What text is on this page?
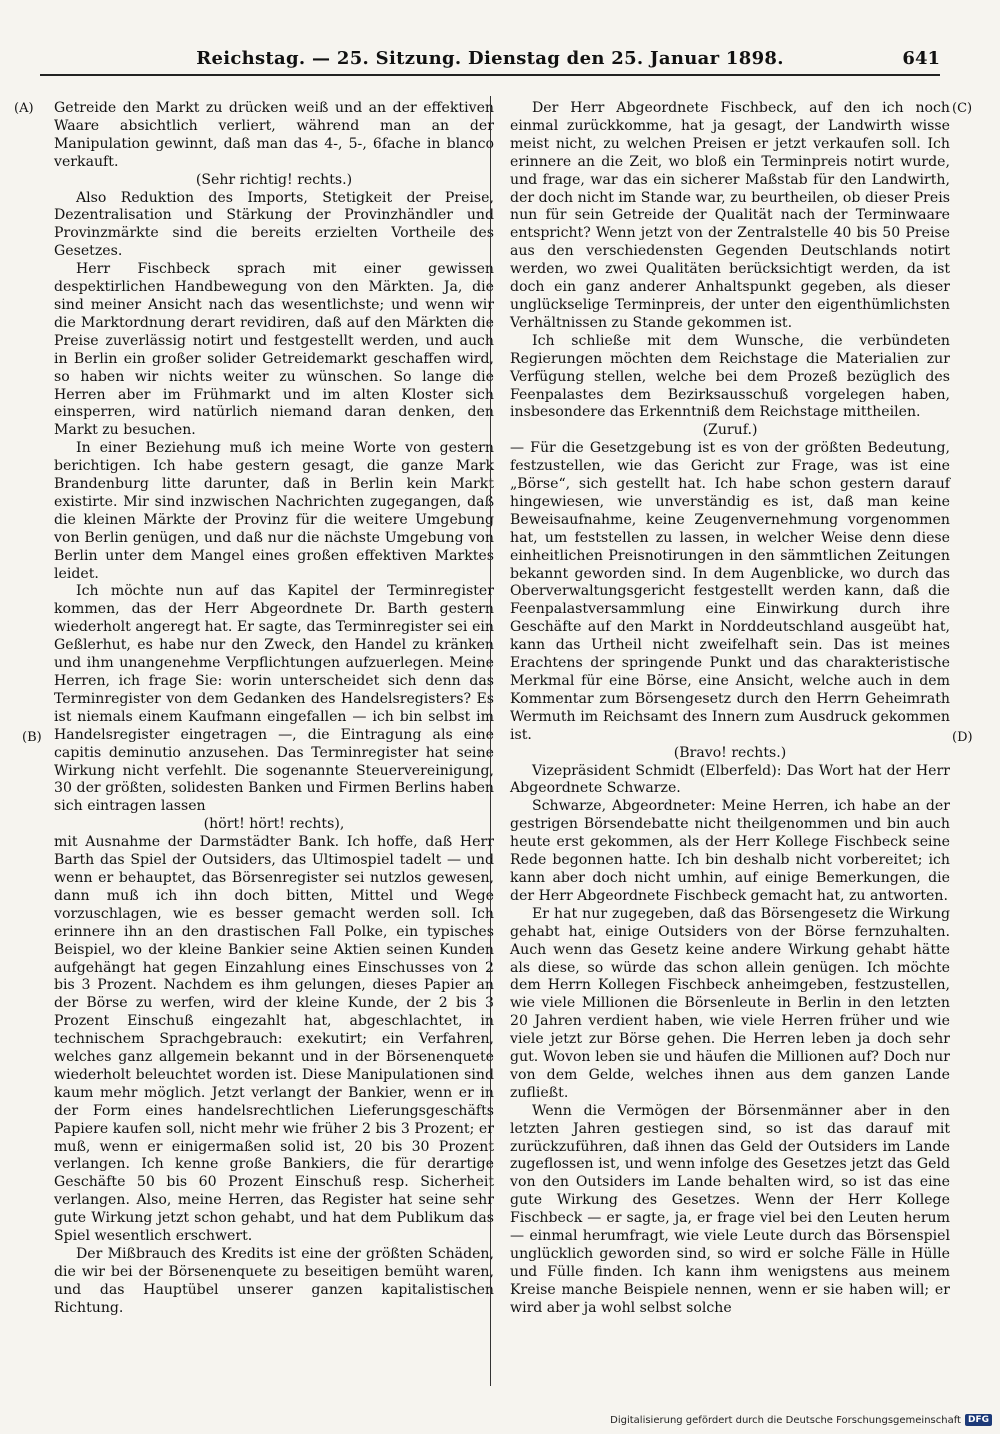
Reichstag. — 25. Sitzung. Dienstag den 25. Januar 1898.	641
(A)
(B)
(C)
(D)

Getreide den Markt zu drücken weiß und an der effektiven Waare absichtlich verliert, während man an der Manipulation gewinnt, daß man das 4-, 5-, 6fache in blanco verkauft.

(Sehr richtig! rechts.)

Also Reduktion des Imports, Stetigkeit der Preise, Dezentralisation und Stärkung der Provinzhändler und Provinzmärkte sind die bereits erzielten Vortheile des Gesetzes.

Herr Fischbeck sprach mit einer gewissen despektirlichen Handbewegung von den Märkten. Ja, die sind meiner Ansicht nach das wesentlichste; und wenn wir die Marktordnung derart revidiren, daß auf den Märkten die Preise zuverlässig notirt und festgestellt werden, und auch in Berlin ein großer solider Getreidemarkt geschaffen wird, so haben wir nichts weiter zu wünschen. So lange die Herren aber im Frühmarkt und im alten Kloster sich einsperren, wird natürlich niemand daran denken, den Markt zu besuchen.

In einer Beziehung muß ich meine Worte von gestern berichtigen. Ich habe gestern gesagt, die ganze Mark Brandenburg litte darunter, daß in Berlin kein Markt existirte. Mir sind inzwischen Nachrichten zugegangen, daß die kleinen Märkte der Provinz für die weitere Umgebung von Berlin genügen, und daß nur die nächste Umgebung von Berlin unter dem Mangel eines großen effektiven Marktes leidet.

Ich möchte nun auf das Kapitel der Terminregister kommen, das der Herr Abgeordnete Dr. Barth gestern wiederholt angeregt hat. Er sagte, das Terminregister sei ein Geßlerhut, es habe nur den Zweck, den Handel zu kränken und ihm unangenehme Verpflichtungen aufzuerlegen. Meine Herren, ich frage Sie: worin unterscheidet sich denn das Terminregister von dem Gedanken des Handelsregisters? Es ist niemals einem Kaufmann eingefallen — ich bin selbst im Handelsregister eingetragen —, die Eintragung als eine capitis deminutio anzusehen. Das Terminregister hat seine Wirkung nicht verfehlt. Die sogenannte Steuervereinigung, 30 der größten, solidesten Banken und Firmen Berlins haben sich eintragen lassen

(hört! hört! rechts),

mit Ausnahme der Darmstädter Bank. Ich hoffe, daß Herr Barth das Spiel der Outsiders, das Ultimospiel tadelt — und wenn er behauptet, das Börsenregister sei nutzlos gewesen, dann muß ich ihn doch bitten, Mittel und Wege vorzuschlagen, wie es besser gemacht werden soll. Ich erinnere ihn an den drastischen Fall Polke, ein typisches Beispiel, wo der kleine Bankier seine Aktien seinen Kunden aufgehängt hat gegen Einzahlung eines Einschusses von 2 bis 3 Prozent. Nachdem es ihm gelungen, dieses Papier an der Börse zu werfen, wird der kleine Kunde, der 2 bis 3 Prozent Einschuß eingezahlt hat, abgeschlachtet, in technischem Sprachgebrauch: exekutirt; ein Verfahren, welches ganz allgemein bekannt und in der Börsenenquete wiederholt beleuchtet worden ist. Diese Manipulationen sind kaum mehr möglich. Jetzt verlangt der Bankier, wenn er in der Form eines handelsrechtlichen Lieferungsgeschäfts Papiere kaufen soll, nicht mehr wie früher 2 bis 3 Prozent; er muß, wenn er einigermaßen solid ist, 20 bis 30 Prozent verlangen. Ich kenne große Bankiers, die für derartige Geschäfte 50 bis 60 Prozent Einschuß resp. Sicherheit verlangen. Also, meine Herren, das Register hat seine sehr gute Wirkung jetzt schon gehabt, und hat dem Publikum das Spiel wesentlich erschwert.

Der Mißbrauch des Kredits ist eine der größten Schäden, die wir bei der Börsenenquete zu beseitigen bemüht waren, und das Hauptübel unserer ganzen kapitalistischen Richtung.

Der Herr Abgeordnete Fischbeck, auf den ich noch einmal zurückkomme, hat ja gesagt, der Landwirth wisse meist nicht, zu welchen Preisen er jetzt verkaufen soll. Ich erinnere an die Zeit, wo bloß ein Terminpreis notirt wurde, und frage, war das ein sicherer Maßstab für den Landwirth, der doch nicht im Stande war, zu beurtheilen, ob dieser Preis nun für sein Getreide der Qualität nach der Terminwaare entspricht? Wenn jetzt von der Zentralstelle 40 bis 50 Preise aus den verschiedensten Gegenden Deutschlands notirt werden, wo zwei Qualitäten berücksichtigt werden, da ist doch ein ganz anderer Anhaltspunkt gegeben, als dieser unglückselige Terminpreis, der unter den eigenthümlichsten Verhältnissen zu Stande gekommen ist.

Ich schließe mit dem Wunsche, die verbündeten Regierungen möchten dem Reichstage die Materialien zur Verfügung stellen, welche bei dem Prozeß bezüglich des Feenpalastes dem Bezirksausschuß vorgelegen haben, insbesondere das Erkenntniß dem Reichstage mittheilen.

(Zuruf.)

— Für die Gesetzgebung ist es von der größten Bedeutung, festzustellen, wie das Gericht zur Frage, was ist eine „Börse“, sich gestellt hat. Ich habe schon gestern darauf hingewiesen, wie unverständig es ist, daß man keine Beweisaufnahme, keine Zeugenvernehmung vorgenommen hat, um feststellen zu lassen, in welcher Weise denn diese einheitlichen Preisnotirungen in den sämmtlichen Zeitungen bekannt geworden sind. In dem Augenblicke, wo durch das Oberverwaltungsgericht festgestellt werden kann, daß die Feenpalastversammlung eine Einwirkung durch ihre Geschäfte auf den Markt in Norddeutschland ausgeübt hat, kann das Urtheil nicht zweifelhaft sein. Das ist meines Erachtens der springende Punkt und das charakteristische Merkmal für eine Börse, eine Ansicht, welche auch in dem Kommentar zum Börsengesetz durch den Herrn Geheimrath Wermuth im Reichsamt des Innern zum Ausdruck gekommen ist.

(Bravo! rechts.)

Vizepräsident Schmidt (Elberfeld): Das Wort hat der Herr Abgeordnete Schwarze.

Schwarze, Abgeordneter: Meine Herren, ich habe an der gestrigen Börsendebatte nicht theilgenommen und bin auch heute erst gekommen, als der Herr Kollege Fischbeck seine Rede begonnen hatte. Ich bin deshalb nicht vorbereitet; ich kann aber doch nicht umhin, auf einige Bemerkungen, die der Herr Abgeordnete Fischbeck gemacht hat, zu antworten.

Er hat nur zugegeben, daß das Börsengesetz die Wirkung gehabt hat, einige Outsiders von der Börse fernzuhalten. Auch wenn das Gesetz keine andere Wirkung gehabt hätte als diese, so würde das schon allein genügen. Ich möchte dem Herrn Kollegen Fischbeck anheimgeben, festzustellen, wie viele Millionen die Börsenleute in Berlin in den letzten 20 Jahren verdient haben, wie viele Herren früher und wie viele jetzt zur Börse gehen. Die Herren leben ja doch sehr gut. Wovon leben sie und häufen die Millionen auf? Doch nur von dem Gelde, welches ihnen aus dem ganzen Lande zufließt.

Wenn die Vermögen der Börsenmänner aber in den letzten Jahren gestiegen sind, so ist das darauf mit zurückzuführen, daß ihnen das Geld der Outsiders im Lande zugeflossen ist, und wenn infolge des Gesetzes jetzt das Geld von den Outsiders im Lande behalten wird, so ist das eine gute Wirkung des Gesetzes. Wenn der Herr Kollege Fischbeck — er sagte, ja, er frage viel bei den Leuten herum — einmal herumfragt, wie viele Leute durch das Börsenspiel unglücklich geworden sind, so wird er solche Fälle in Hülle und Fülle finden. Ich kann ihm wenigstens aus meinem Kreise manche Beispiele nennen, wenn er sie haben will; er wird aber ja wohl selbst solche

Digitalisierung gefördert durch die Deutsche Forschungsgemeinschaft DFG
